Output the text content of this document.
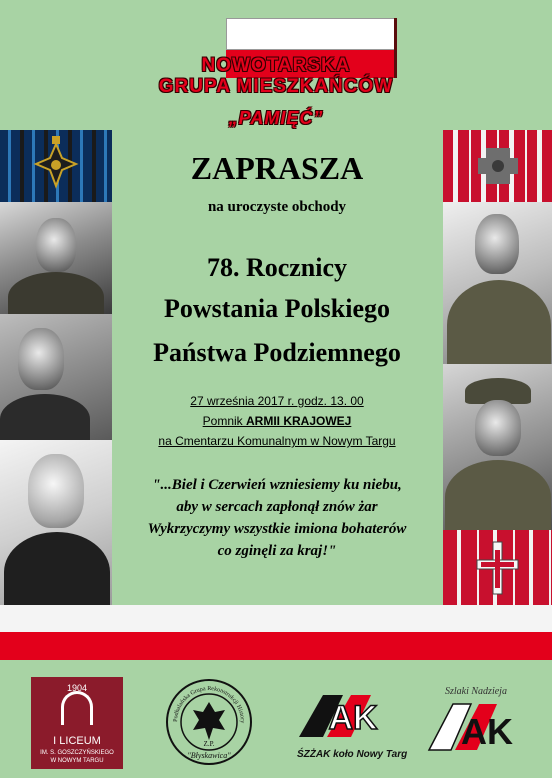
NOWOTARSKA
GRUPA MIESZKAŃCÓW
„PAMIĘĆ”
ZAPRASZA
na uroczyste obchody
78. Rocznicy
Powstania Polskiego
Państwa Podziemnego
27 września 2017 r. godz. 13. 00
Pomnik ARMII KRAJOWEJ
na Cmentarzu Komunalnym w Nowym Targu
"...Biel i Czerwień wzniesiemy ku niebu,
aby w sercach zapłonął znów żar
Wykrzyczymy wszystkie imiona bohaterów
co zginęli za kraj!"
1904
I LICEUM
IM. S. GOSZCZYŃSKIEGO
W NOWYM TARGU
Podhalańska Grupa Rekonstrukcji History
Z.P.
"Błyskawica"
AK
ŚZŻAK koło Nowy Targ
Szlaki Nadzieja
AK
